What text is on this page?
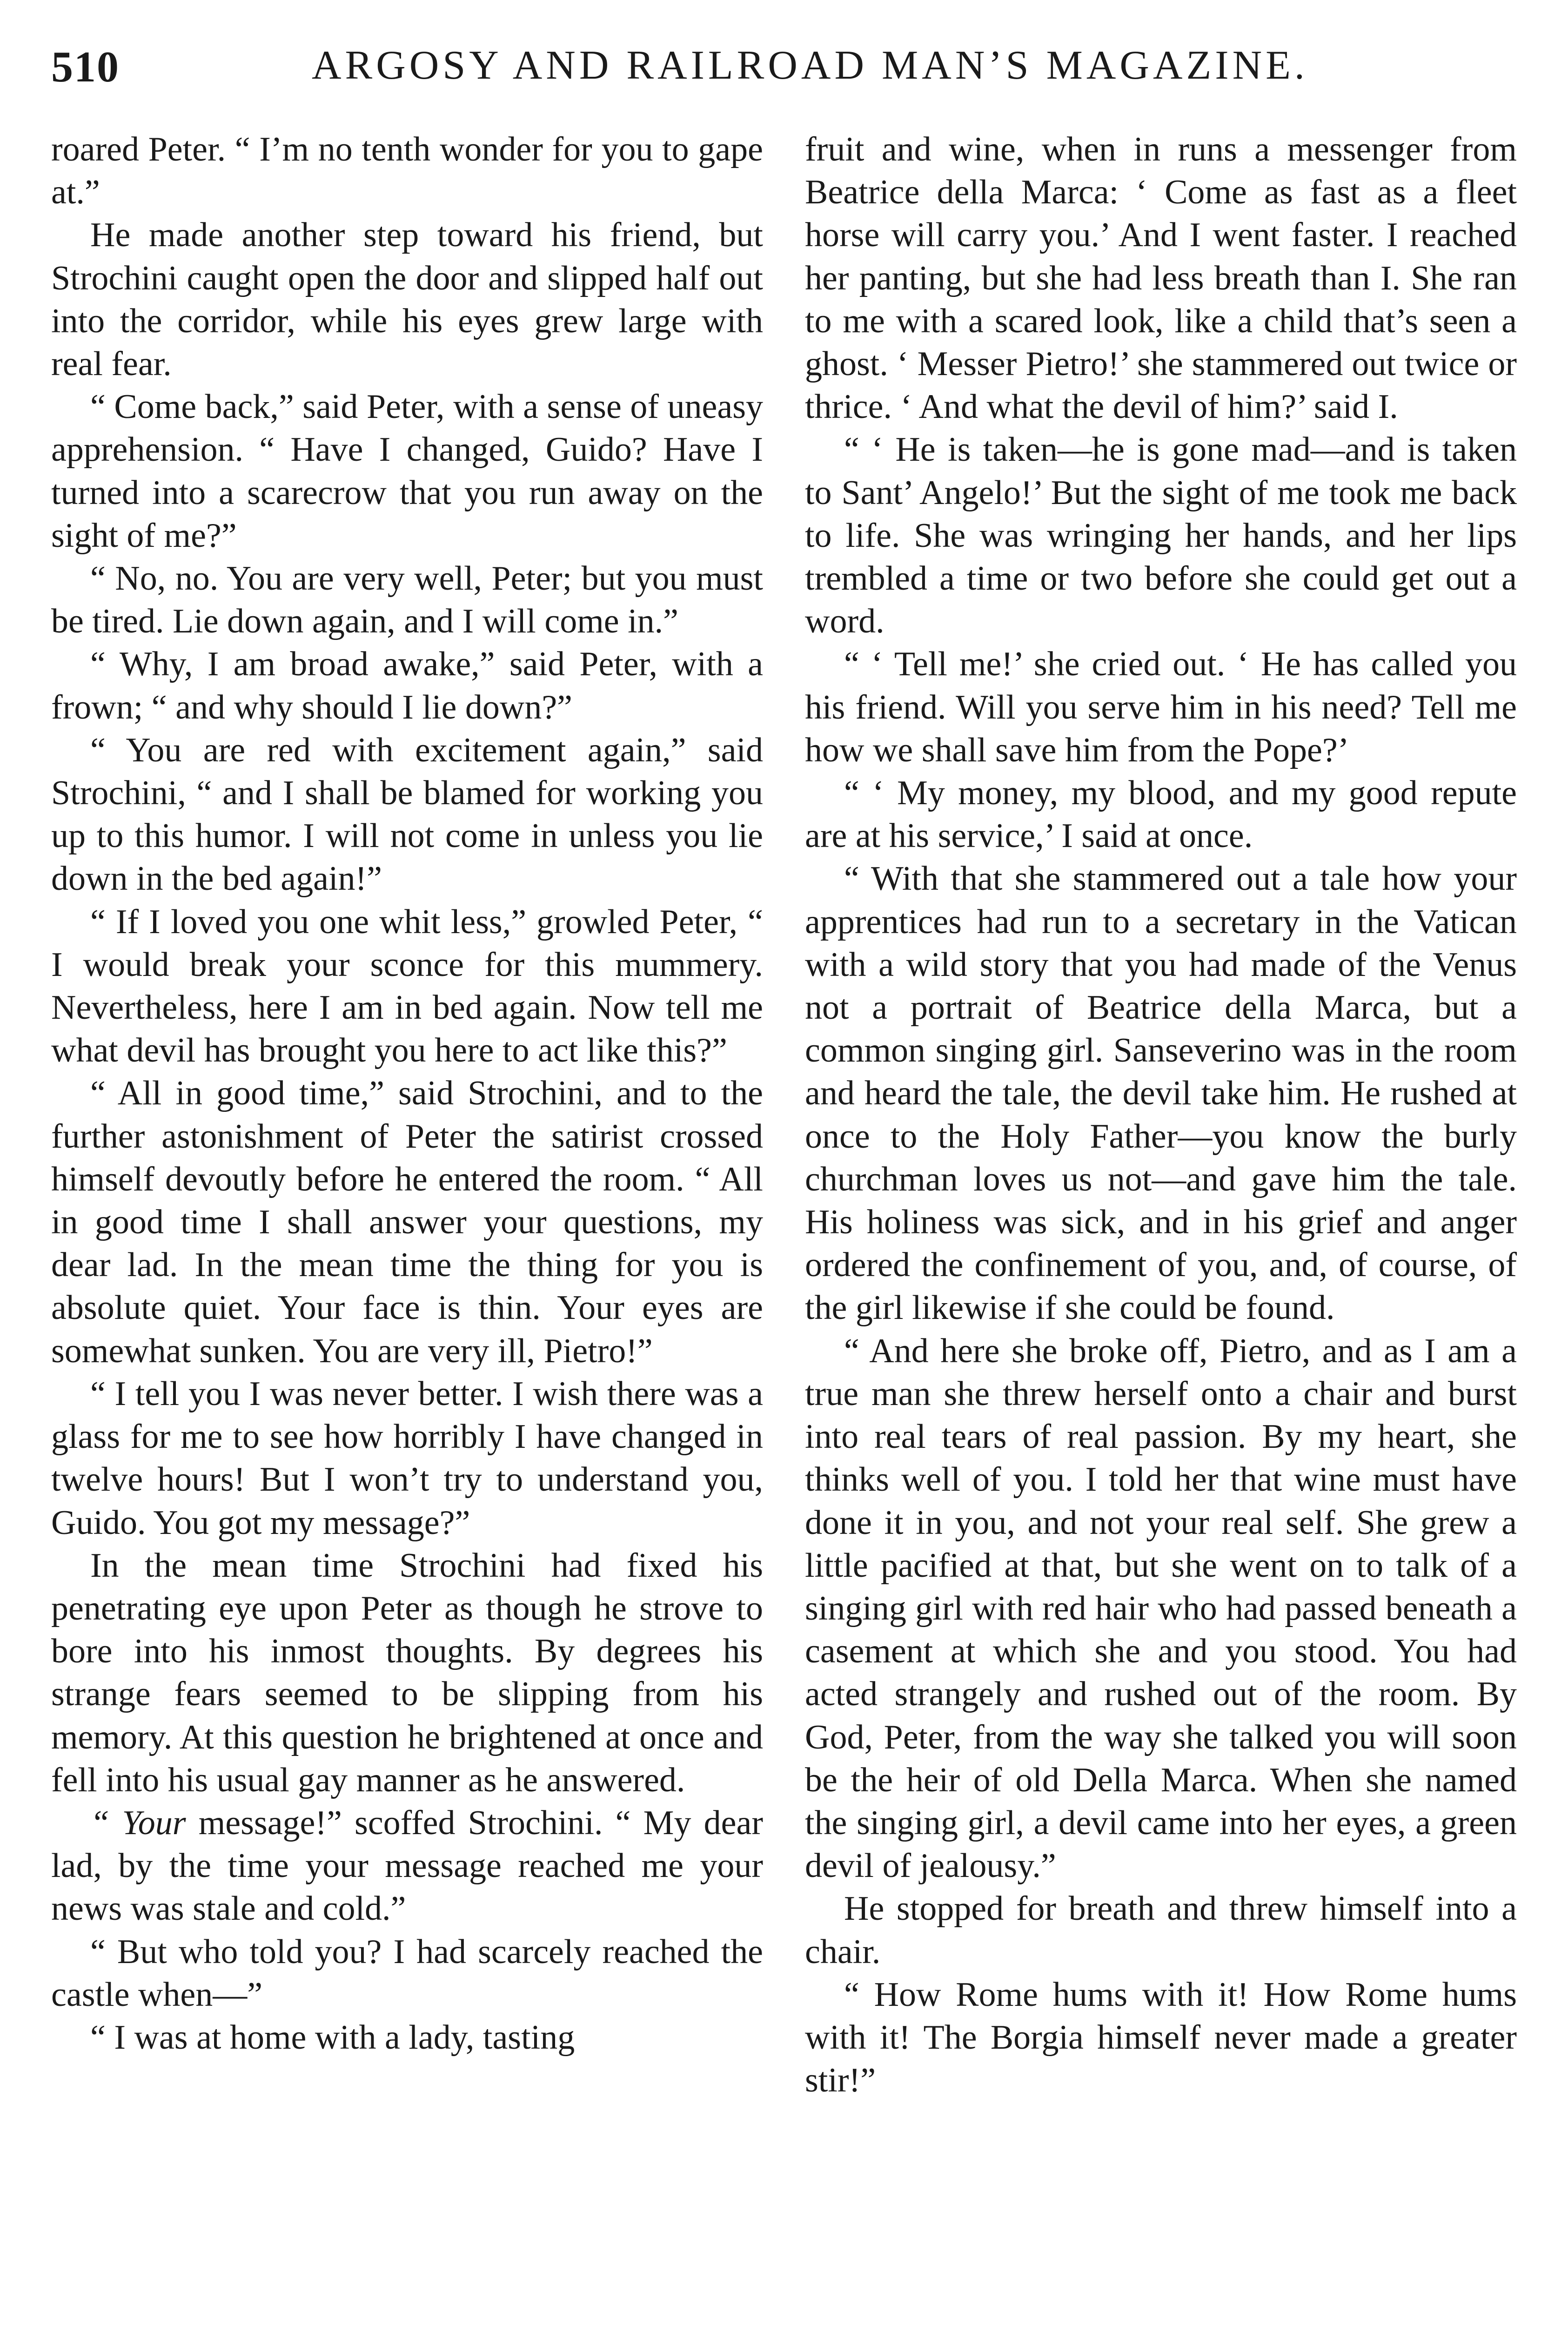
510	ARGOSY AND RAILROAD MAN’S MAGAZINE.

roared Peter. “ I’m no tenth wonder for you to gape at.”

He made another step toward his friend, but Strochini caught open the door and slipped half out into the corridor, while his eyes grew large with real fear.

“ Come back,” said Peter, with a sense of uneasy apprehension. “ Have I changed, Guido? Have I turned into a scarecrow that you run away on the sight of me?”

“ No, no. You are very well, Peter; but you must be tired. Lie down again, and I will come in.”

“ Why, I am broad awake,” said Peter, with a frown; “ and why should I lie down?”

“ You are red with excitement again,” said Strochini, “ and I shall be blamed for working you up to this humor. I will not come in unless you lie down in the bed again!”

“ If I loved you one whit less,” growled Peter, “ I would break your sconce for this mummery. Nevertheless, here I am in bed again. Now tell me what devil has brought you here to act like this?”

“ All in good time,” said Strochini, and to the further astonishment of Peter the satirist crossed himself devoutly before he entered the room. “ All in good time I shall answer your questions, my dear lad. In the mean time the thing for you is absolute quiet. Your face is thin. Your eyes are somewhat sunken. You are very ill, Pietro!”

“ I tell you I was never better. I wish there was a glass for me to see how horribly I have changed in twelve hours! But I won’t try to understand you, Guido. You got my message?”

In the mean time Strochini had fixed his penetrating eye upon Peter as though he strove to bore into his inmost thoughts. By degrees his strange fears seemed to be slipping from his memory. At this question he brightened at once and fell into his usual gay manner as he answered.

“ Your message!” scoffed Strochini. “ My dear lad, by the time your message reached me your news was stale and cold.”

“ But who told you? I had scarcely reached the castle when—”

“ I was at home with a lady, tasting

fruit and wine, when in runs a messenger from Beatrice della Marca: ‘ Come as fast as a fleet horse will carry you.’ And I went faster. I reached her panting, but she had less breath than I. She ran to me with a scared look, like a child that’s seen a ghost. ‘ Messer Pietro!’ she stammered out twice or thrice. ‘ And what the devil of him?’ said I.

“ ‘ He is taken—he is gone mad—and is taken to Sant’ Angelo!’ But the sight of me took me back to life. She was wringing her hands, and her lips trembled a time or two before she could get out a word.

“ ‘ Tell me!’ she cried out. ‘ He has called you his friend. Will you serve him in his need? Tell me how we shall save him from the Pope?’

“ ‘ My money, my blood, and my good repute are at his service,’ I said at once.

“ With that she stammered out a tale how your apprentices had run to a secretary in the Vatican with a wild story that you had made of the Venus not a portrait of Beatrice della Marca, but a common singing girl. Sanseverino was in the room and heard the tale, the devil take him. He rushed at once to the Holy Father—you know the burly churchman loves us not—and gave him the tale. His holiness was sick, and in his grief and anger ordered the confinement of you, and, of course, of the girl likewise if she could be found.

“ And here she broke off, Pietro, and as I am a true man she threw herself onto a chair and burst into real tears of real passion. By my heart, she thinks well of you. I told her that wine must have done it in you, and not your real self. She grew a little pacified at that, but she went on to talk of a singing girl with red hair who had passed beneath a casement at which she and you stood. You had acted strangely and rushed out of the room. By God, Peter, from the way she talked you will soon be the heir of old Della Marca. When she named the singing girl, a devil came into her eyes, a green devil of jealousy.”

He stopped for breath and threw himself into a chair.

“ How Rome hums with it! How Rome hums with it! The Borgia himself never made a greater stir!”
